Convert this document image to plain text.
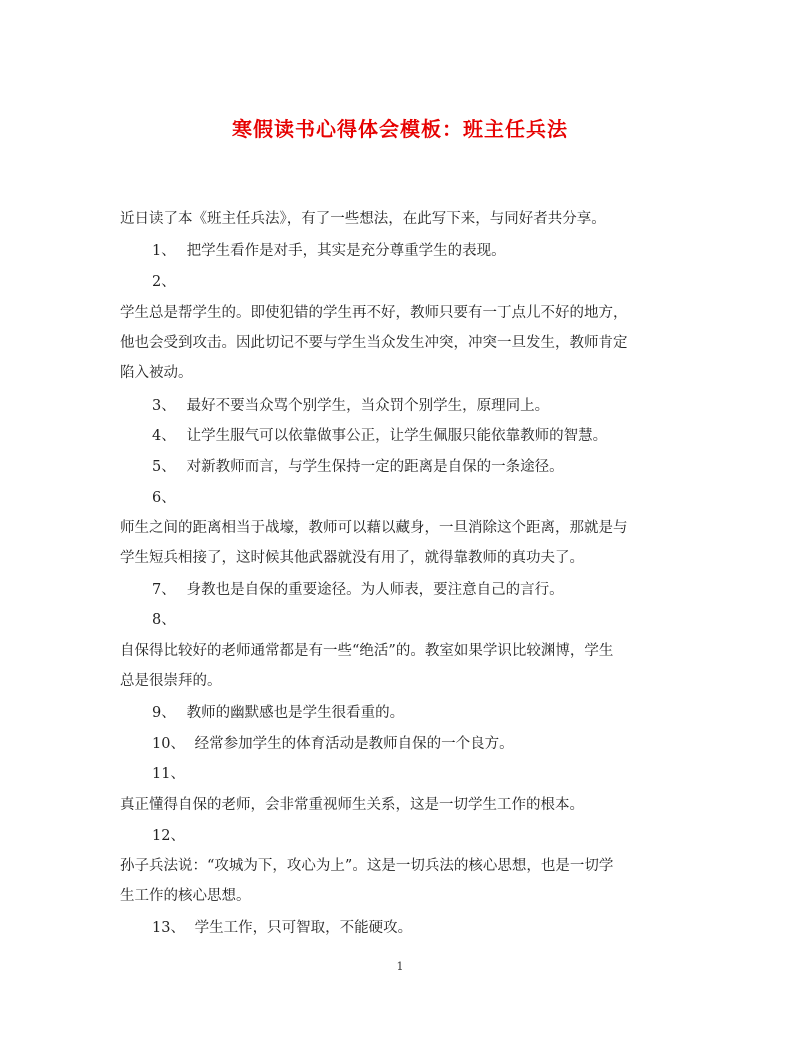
寒假读书心得体会模板：班主任兵法
近日读了本《班主任兵法》，有了一些想法，在此写下来，与同好者共分享。
1、 把学生看作是对手，其实是充分尊重学生的表现。
2、
学生总是帮学生的。即使犯错的学生再不好，教师只要有一丁点儿不好的地方，
他也会受到攻击。因此切记不要与学生当众发生冲突，冲突一旦发生，教师肯定
陷入被动。
3、 最好不要当众骂个别学生，当众罚个别学生，原理同上。
4、 让学生服气可以依靠做事公正，让学生佩服只能依靠教师的智慧。
5、 对新教师而言，与学生保持一定的距离是自保的一条途径。
6、
师生之间的距离相当于战壕，教师可以藉以藏身，一旦消除这个距离，那就是与
学生短兵相接了，这时候其他武器就没有用了，就得靠教师的真功夫了。
7、 身教也是自保的重要途径。为人师表，要注意自己的言行。
8、
自保得比较好的老师通常都是有一些“绝活”的。教室如果学识比较渊博，学生
总是很崇拜的。
9、 教师的幽默感也是学生很看重的。
10、 经常参加学生的体育活动是教师自保的一个良方。
11、
真正懂得自保的老师，会非常重视师生关系，这是一切学生工作的根本。
12、
孙子兵法说：“攻城为下，攻心为上”。这是一切兵法的核心思想，也是一切学
生工作的核心思想。
13、 学生工作，只可智取，不能硬攻。
1
